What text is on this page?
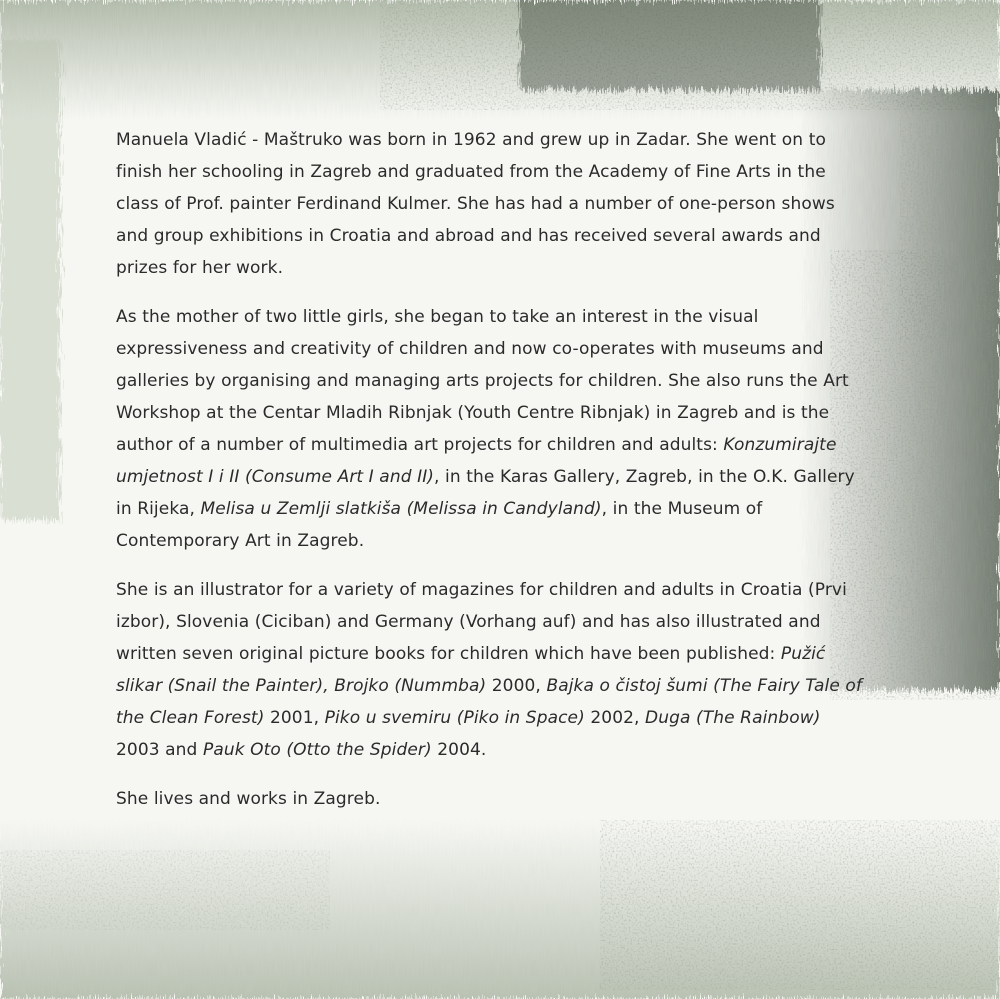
Manuela Vladić - Maštruko was born in 1962 and grew up in Zadar. She went on to finish her schooling in Zagreb and graduated from the Academy of Fine Arts in the class of Prof. painter Ferdinand Kulmer. She has had a number of one-person shows and group exhibitions in Croatia and abroad and has received several awards and prizes for her work.

As the mother of two little girls, she began to take an interest in the visual expressiveness and creativity of children and now co-operates with museums and galleries by organising and managing arts projects for children. She also runs the Art Workshop at the Centar Mladih Ribnjak (Youth Centre Ribnjak) in Zagreb and is the author of a number of multimedia art projects for children and adults: Konzumirajte umjetnost I i II (Consume Art I and II), in the Karas Gallery, Zagreb, in the O.K. Gallery in Rijeka, Melisa u Zemlji slatkiša (Melissa in Candyland), in the Museum of Contemporary Art in Zagreb.

She is an illustrator for a variety of magazines for children and adults in Croatia (Prvi izbor), Slovenia (Ciciban) and Germany (Vorhang auf) and has also illustrated and written seven original picture books for children which have been published: Pužić slikar (Snail the Painter), Brojko (Nummba) 2000, Bajka o čistoj šumi (The Fairy Tale of the Clean Forest) 2001, Piko u svemiru (Piko in Space) 2002, Duga (The Rainbow) 2003 and Pauk Oto (Otto the Spider) 2004.

She lives and works in Zagreb.
